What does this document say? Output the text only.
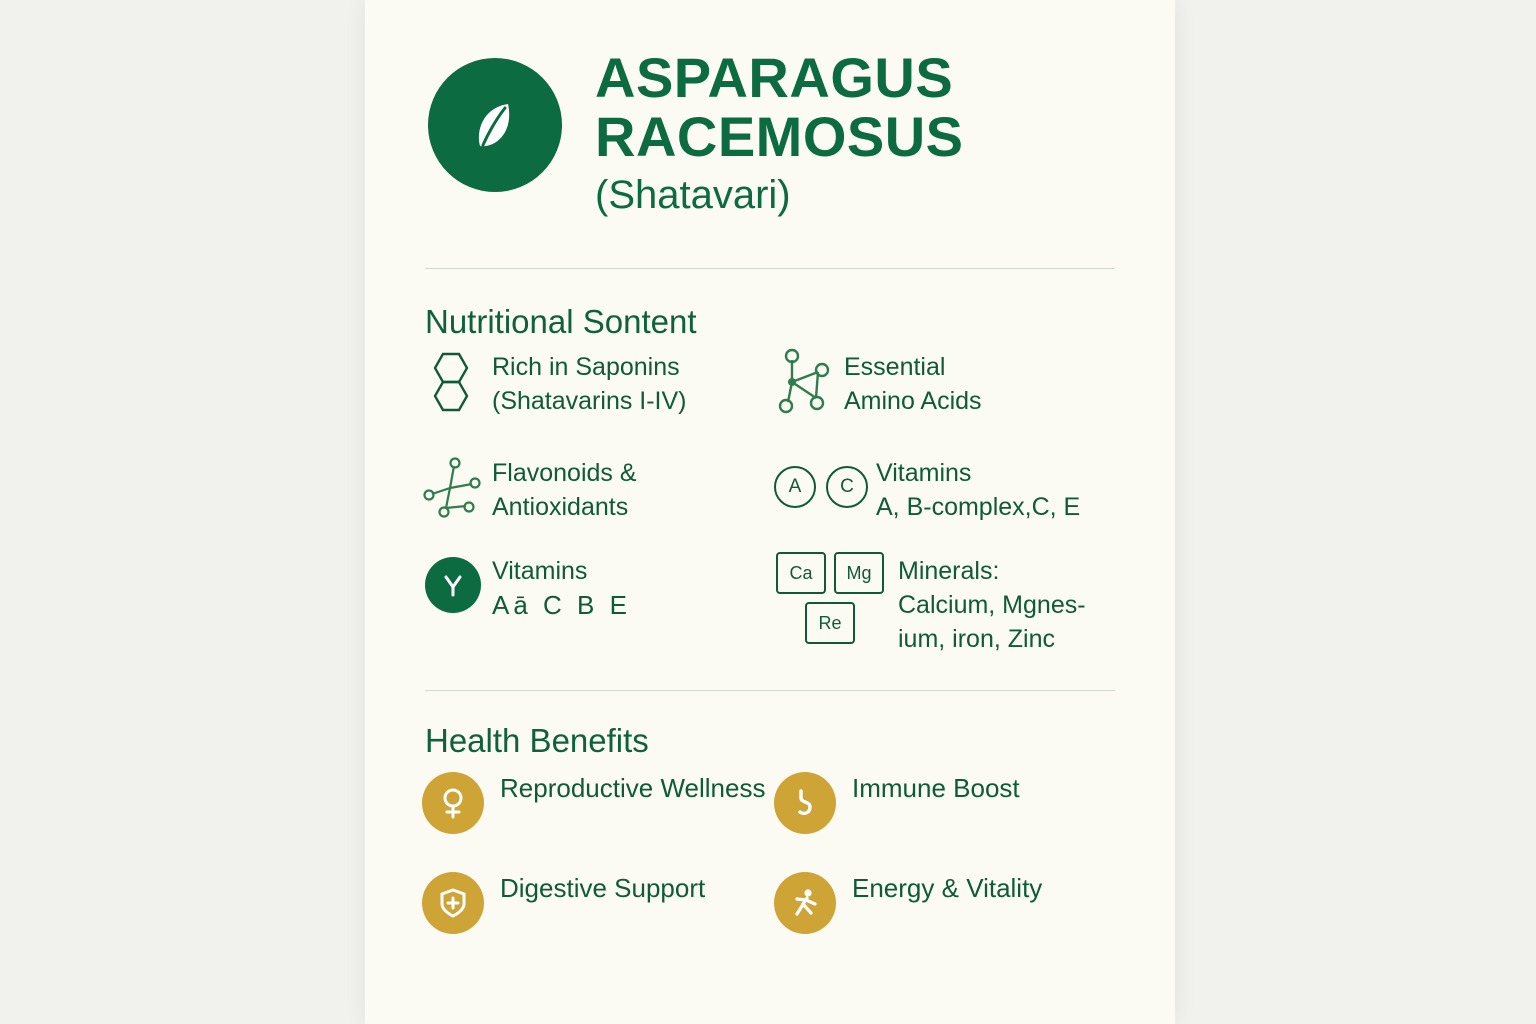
ASPARAGUS
RACEMOSUS
(Shatavari)
Nutritional Sontent
Rich in Saponins
(Shatavarins I-IV)
Essential
Amino Acids
Flavonoids &
Antioxidants
A	C Vitamins
A, B-complex,C, E
Vitamins
Aā C B E
Ca	Mg
Re
Minerals:
Calcium, Mgnes-
ium, iron, Zinc
Health Benefits
Reproductive Wellness	Immune Boost
Digestive Support	Energy & Vitality
